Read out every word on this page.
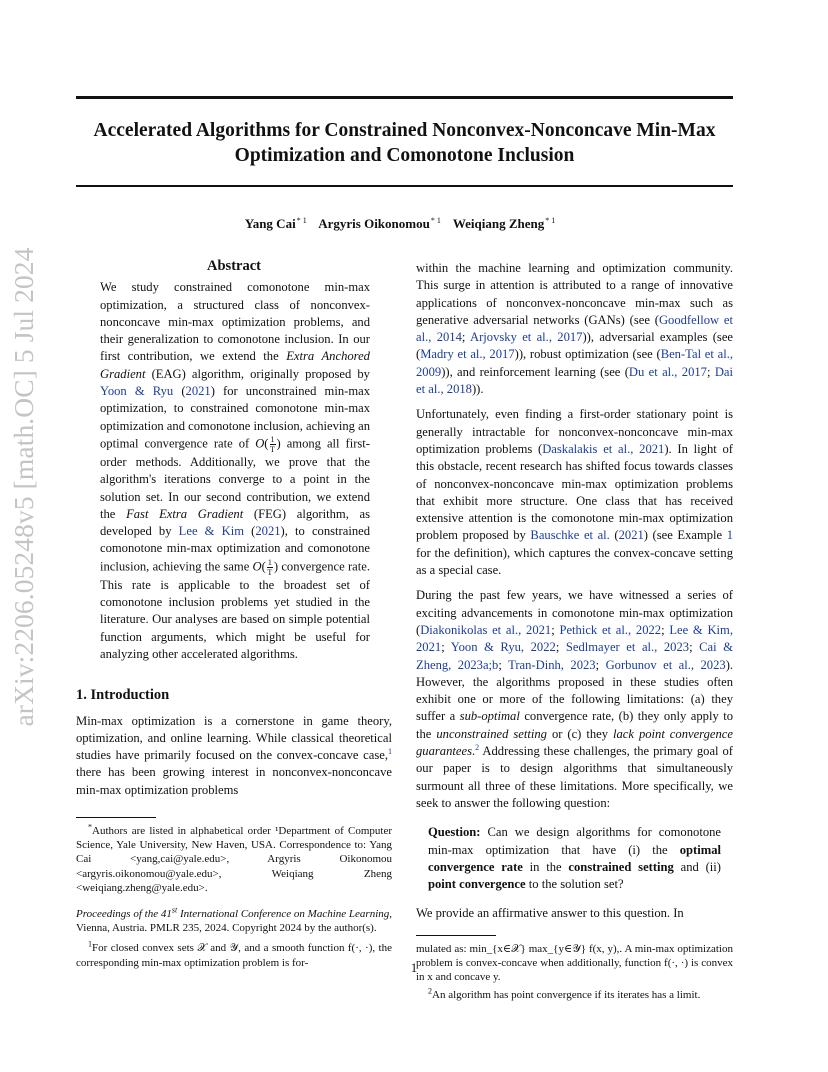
Accelerated Algorithms for Constrained Nonconvex-Nonconcave Min-Max
Optimization and Comonotone Inclusion
Yang Cai$^{* 1}$ Argyris Oikonomou$^{* 1}$ Weiqiang Zheng$^{* 1}$
arXiv:2206.05248v5 [math.OC] 5 Jul 2024	Abstract

We study constrained comonotone min-max optimization, a structured class of nonconvex-nonconcave min-max optimization problems, and their generalization to comonotone inclusion. In our first contribution, we extend the Extra Anchored Gradient (EAG) algorithm, originally proposed by Yoon & Ryu (2021) for unconstrained min-max optimization, to constrained comonotone min-max optimization and comonotone inclusion, achieving an optimal convergence rate of $O( \frac{1}{T}$ ) among all first-order methods. Additionally, we prove that the algorithm's iterations converge to a point in the solution set. In our second contribution, we extend the Fast Extra Gradient (FEG) algorithm, as developed by Lee & Kim (2021), to constrained comonotone min-max optimization and comonotone inclusion, achieving the same $O( \frac{1}{T}$ ) convergence rate. This rate is applicable to the broadest set of comonotone inclusion problems yet studied in the literature. Our analyses are based on simple potential function arguments, which might be useful for analyzing other accelerated algorithms.

1. Introduction

Min-max optimization is a cornerstone in game theory, optimization, and online learning. While classical theoretical studies have primarily focused on the convex-concave case,$^1$ there has been growing interest in nonconvex-nonconcave min-max optimization problems

*Authors are listed in alphabetical order ¹Department of Computer Science, Yale University, New Haven, USA. Correspondence to: Yang Cai <yang,cai@yale.edu>, Argyris Oikonomou <argyris.oikonomou@yale.edu>, Weiqiang Zheng <weiqiang.zheng@yale.edu>.

Proceedings of the 41st International Conference on Machine Learning, Vienna, Austria. PMLR 235, 2024. Copyright 2024 by the author(s).

$^1$For closed convex sets 𝒳 and 𝒴, and a smooth function f(·, ·), the corresponding min-max optimization problem is for-

within the machine learning and optimization community. This surge in attention is attributed to a range of innovative applications of nonconvex-nonconcave min-max such as generative adversarial networks (GANs) (see (Goodfellow et al., 2014; Arjovsky et al., 2017)), adversarial examples (see (Madry et al., 2017)), robust optimization (see (Ben-Tal et al., 2009)), and reinforcement learning (see (Du et al., 2017; Dai et al., 2018)).

Unfortunately, even finding a first-order stationary point is generally intractable for nonconvex-nonconcave min-max optimization problems (Daskalakis et al., 2021). In light of this obstacle, recent research has shifted focus towards classes of nonconvex-nonconcave min-max optimization problems that exhibit more structure. One class that has received extensive attention is the comonotone min-max optimization problem proposed by Bauschke et al. (2021) (see Example 1 for the definition), which captures the convex-concave setting as a special case.

During the past few years, we have witnessed a series of exciting advancements in comonotone min-max optimization (Diakonikolas et al., 2021; Pethick et al., 2022; Lee & Kim, 2021; Yoon & Ryu, 2022; Sedlmayer et al., 2023; Cai & Zheng, 2023a;b; Tran-Dinh, 2023; Gorbunov et al., 2023). However, the algorithms proposed in these studies often exhibit one or more of the following limitations: (a) they suffer a sub-optimal convergence rate, (b) they only apply to the unconstrained setting or (c) they lack point convergence guarantees.$^2$ Addressing these challenges, the primary goal of our paper is to design algorithms that simultaneously surmount all three of these limitations. More specifically, we seek to answer the following question:

Question: Can we design algorithms for comonotone min-max optimization that have (i) the optimal convergence rate in the constrained setting and (ii) point convergence to the solution set?

We provide an affirmative answer to this question. In

mulated as: min_{x∈𝒳} max_{y∈𝒴} f(x, y),. A min-max optimization problem is convex-concave when additionally, function f(·, ·) is convex in x and concave y.

$^2$An algorithm has point convergence if its iterates has a limit.

1
